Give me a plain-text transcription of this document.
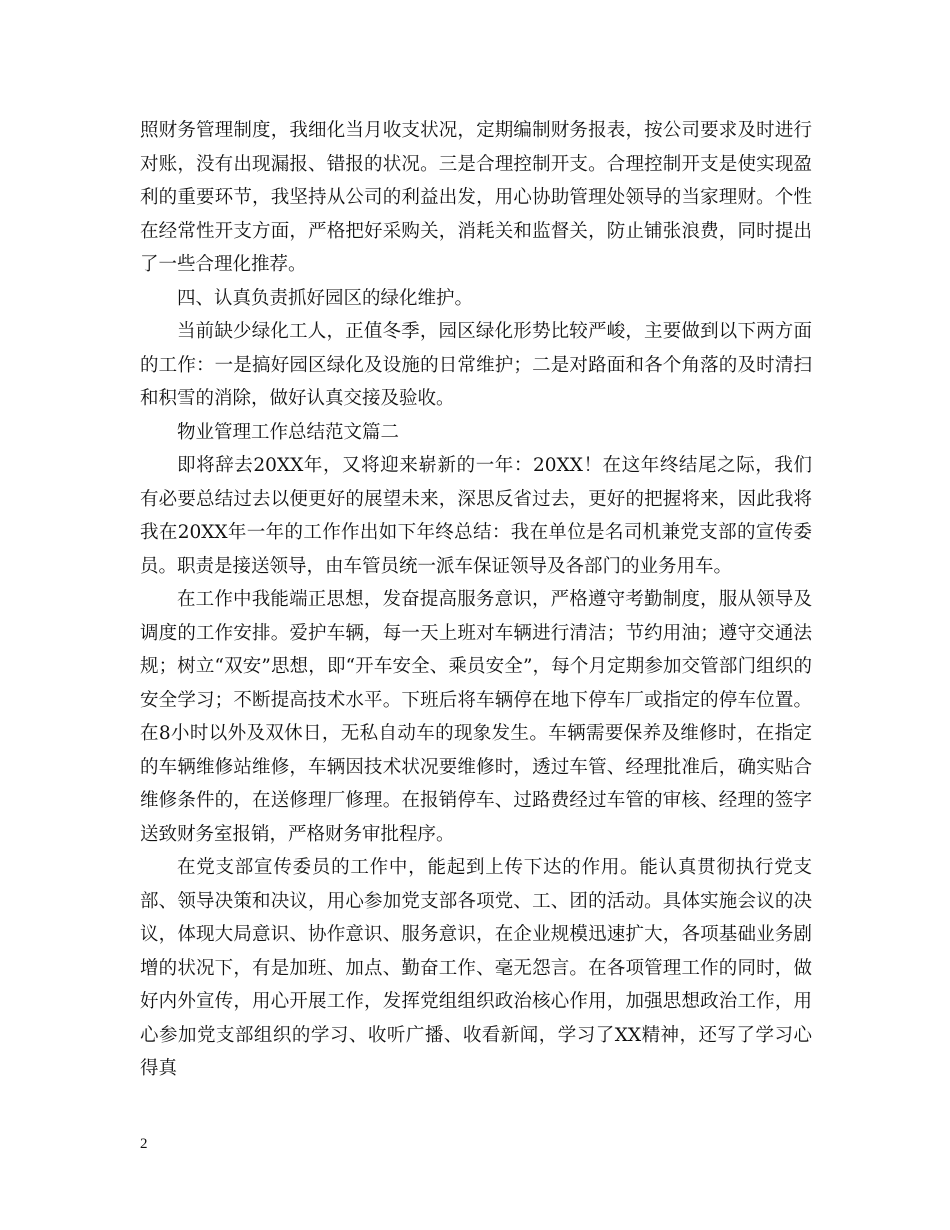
照财务管理制度，我细化当月收支状况，定期编制财务报表，按公司要求及时进行对账，没有出现漏报、错报的状况。三是合理控制开支。合理控制开支是使实现盈利的重要环节，我坚持从公司的利益出发，用心协助管理处领导的当家理财。个性在经常性开支方面，严格把好采购关，消耗关和监督关，防止铺张浪费，同时提出了一些合理化推荐。

四、认真负责抓好园区的绿化维护。

当前缺少绿化工人，正值冬季，园区绿化形势比较严峻，主要做到以下两方面的工作：一是搞好园区绿化及设施的日常维护；二是对路面和各个角落的及时清扫和积雪的消除，做好认真交接及验收。

物业管理工作总结范文篇二

即将辞去20XX年，又将迎来崭新的一年：20XX！在这年终结尾之际，我们有必要总结过去以便更好的展望未来，深思反省过去，更好的把握将来，因此我将我在20XX年一年的工作作出如下年终总结：我在单位是名司机兼党支部的宣传委员。职责是接送领导，由车管员统一派车保证领导及各部门的业务用车。

在工作中我能端正思想，发奋提高服务意识，严格遵守考勤制度，服从领导及调度的工作安排。爱护车辆，每一天上班对车辆进行清洁；节约用油；遵守交通法规；树立“双安”思想，即“开车安全、乘员安全”，每个月定期参加交管部门组织的安全学习；不断提高技术水平。下班后将车辆停在地下停车厂或指定的停车位置。在8小时以外及双休日，无私自动车的现象发生。车辆需要保养及维修时，在指定的车辆维修站维修，车辆因技术状况要维修时，透过车管、经理批准后，确实贴合维修条件的，在送修理厂修理。在报销停车、过路费经过车管的审核、经理的签字送致财务室报销，严格财务审批程序。

在党支部宣传委员的工作中，能起到上传下达的作用。能认真贯彻执行党支部、领导决策和决议，用心参加党支部各项党、工、团的活动。具体实施会议的决议，体现大局意识、协作意识、服务意识，在企业规模迅速扩大，各项基础业务剧增的状况下，有是加班、加点、勤奋工作、毫无怨言。在各项管理工作的同时，做好内外宣传，用心开展工作，发挥党组组织政治核心作用，加强思想政治工作，用心参加党支部组织的学习、收听广播、收看新闻，学习了XX精神，还写了学习心得真

2
